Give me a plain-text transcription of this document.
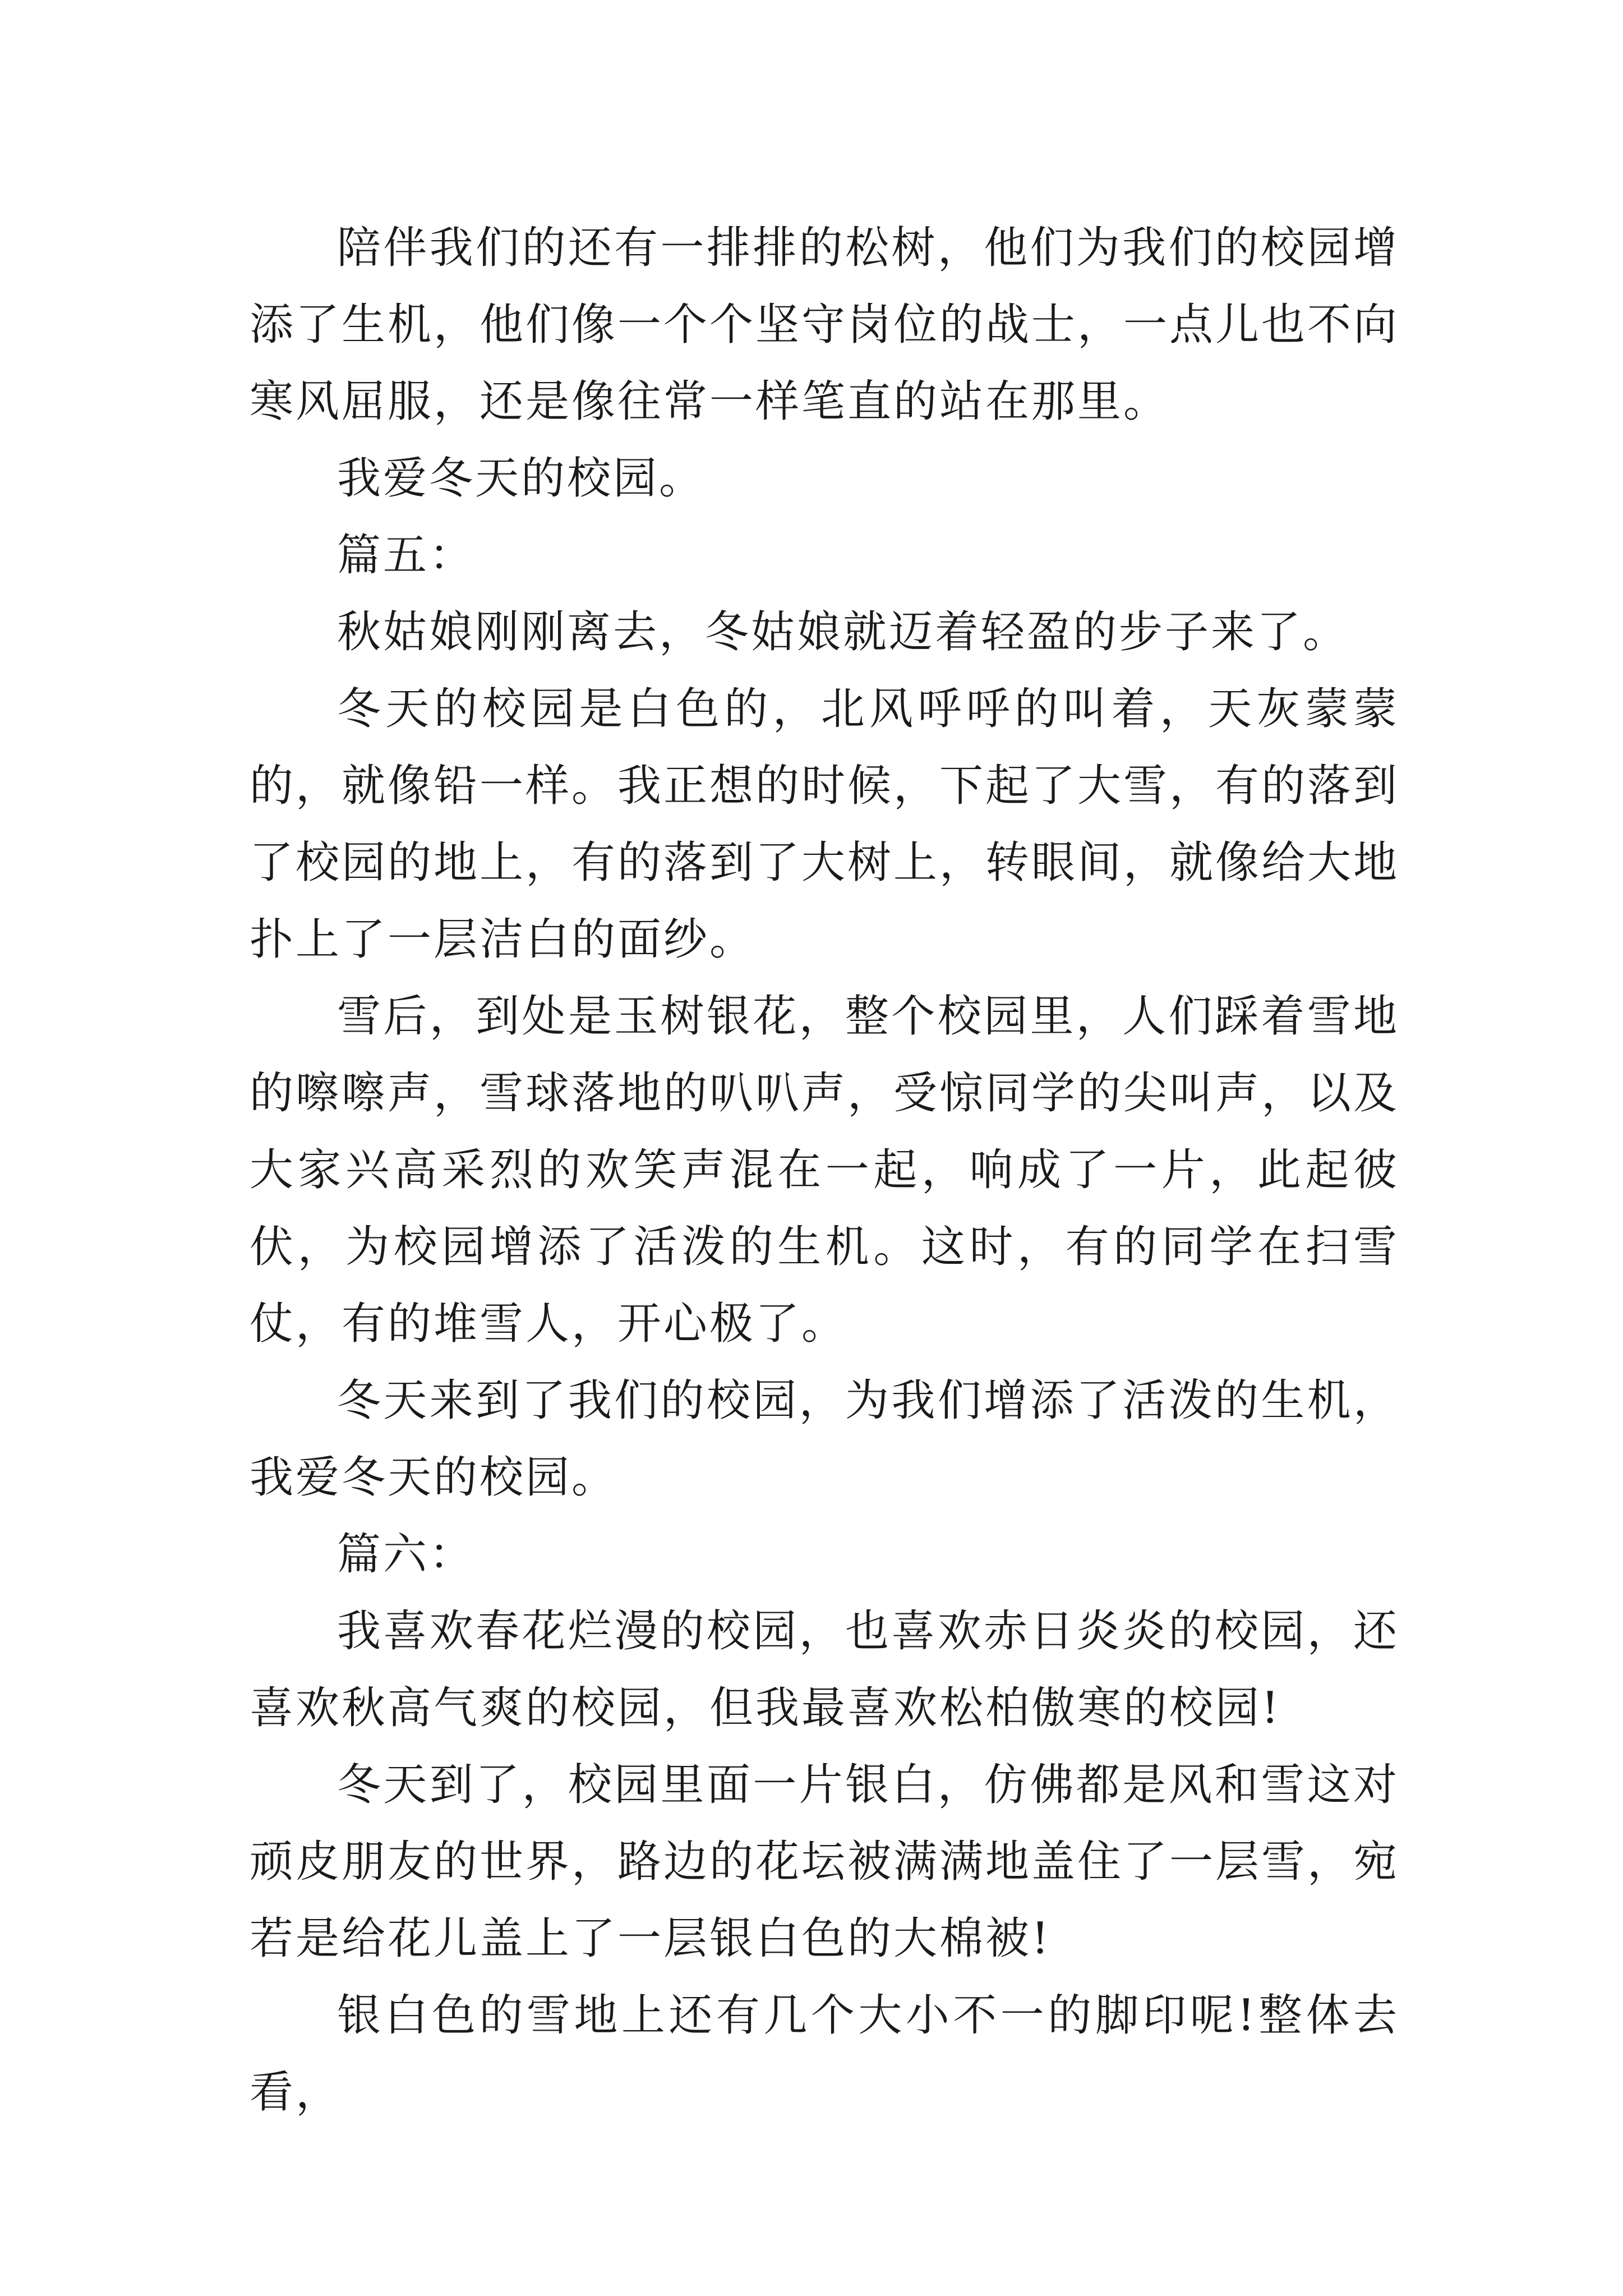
陪伴我们的还有一排排的松树，他们为我们的校园增添了生机，他们像一个个坚守岗位的战士，一点儿也不向寒风屈服，还是像往常一样笔直的站在那里。

我爱冬天的校园。

篇五：

秋姑娘刚刚离去，冬姑娘就迈着轻盈的步子来了。

冬天的校园是白色的，北风呼呼的叫着，天灰蒙蒙的，就像铅一样。我正想的时候，下起了大雪，有的落到了校园的地上，有的落到了大树上，转眼间，就像给大地扑上了一层洁白的面纱。

雪后，到处是玉树银花，整个校园里，人们踩着雪地的嚓嚓声，雪球落地的叭叭声，受惊同学的尖叫声，以及大家兴高采烈的欢笑声混在一起，响成了一片，此起彼伏，为校园增添了活泼的生机。这时，有的同学在扫雪仗，有的堆雪人，开心极了。

冬天来到了我们的校园，为我们增添了活泼的生机，我爱冬天的校园。

篇六：

我喜欢春花烂漫的校园，也喜欢赤日炎炎的校园，还喜欢秋高气爽的校园，但我最喜欢松柏傲寒的校园!

冬天到了，校园里面一片银白，仿佛都是风和雪这对顽皮朋友的世界，路边的花坛被满满地盖住了一层雪，宛若是给花儿盖上了一层银白色的大棉被!

银白色的雪地上还有几个大小不一的脚印呢!整体去看，
